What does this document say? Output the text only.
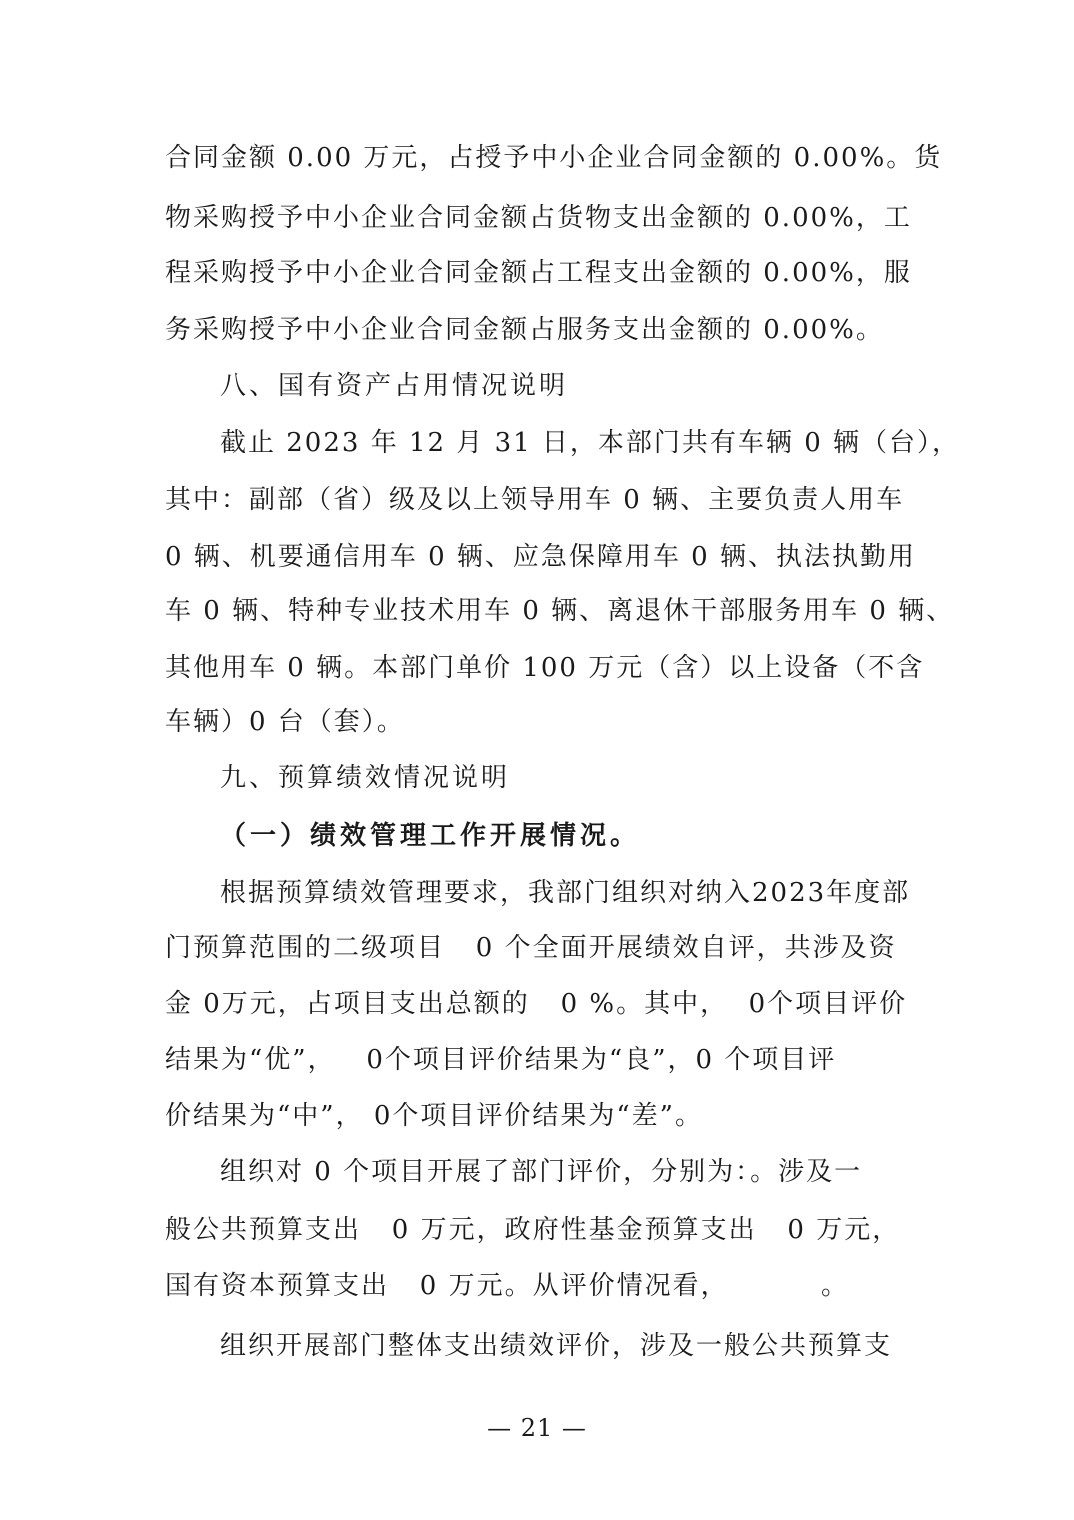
合同金额 0.00 万元，占授予中小企业合同金额的 0.00%。货
物采购授予中小企业合同金额占货物支出金额的 0.00%，工
程采购授予中小企业合同金额占工程支出金额的 0.00%，服
务采购授予中小企业合同金额占服务支出金额的 0.00%。
八、国有资产占用情况说明
截止 2023 年 12 月 31 日，本部门共有车辆 0 辆（台），
其中：副部（省）级及以上领导用车 0 辆、主要负责人用车
0 辆、机要通信用车 0 辆、应急保障用车 0 辆、执法执勤用
车 0 辆、特种专业技术用车 0 辆、离退休干部服务用车 0 辆、
其他用车 0 辆。本部门单价 100 万元（含）以上设备（不含
车辆）0 台（套）。
九、预算绩效情况说明
（一）绩效管理工作开展情况。
根据预算绩效管理要求，我部门组织对纳入2023年度部
门预算范围的二级项目   0 个全面开展绩效自评，共涉及资
金 0万元，占项目支出总额的   0 %。其中，  0个项目评价
结果为“优”，   0个项目评价结果为“良”，0 个项目评
价结果为“中”， 0个项目评价结果为“差”。
组织对 0 个项目开展了部门评价，分别为：。涉及一
般公共预算支出   0 万元，政府性基金预算支出   0 万元，
国有资本预算支出   0 万元。从评价情况看，         。
组织开展部门整体支出绩效评价，涉及一般公共预算支
— 21 —
